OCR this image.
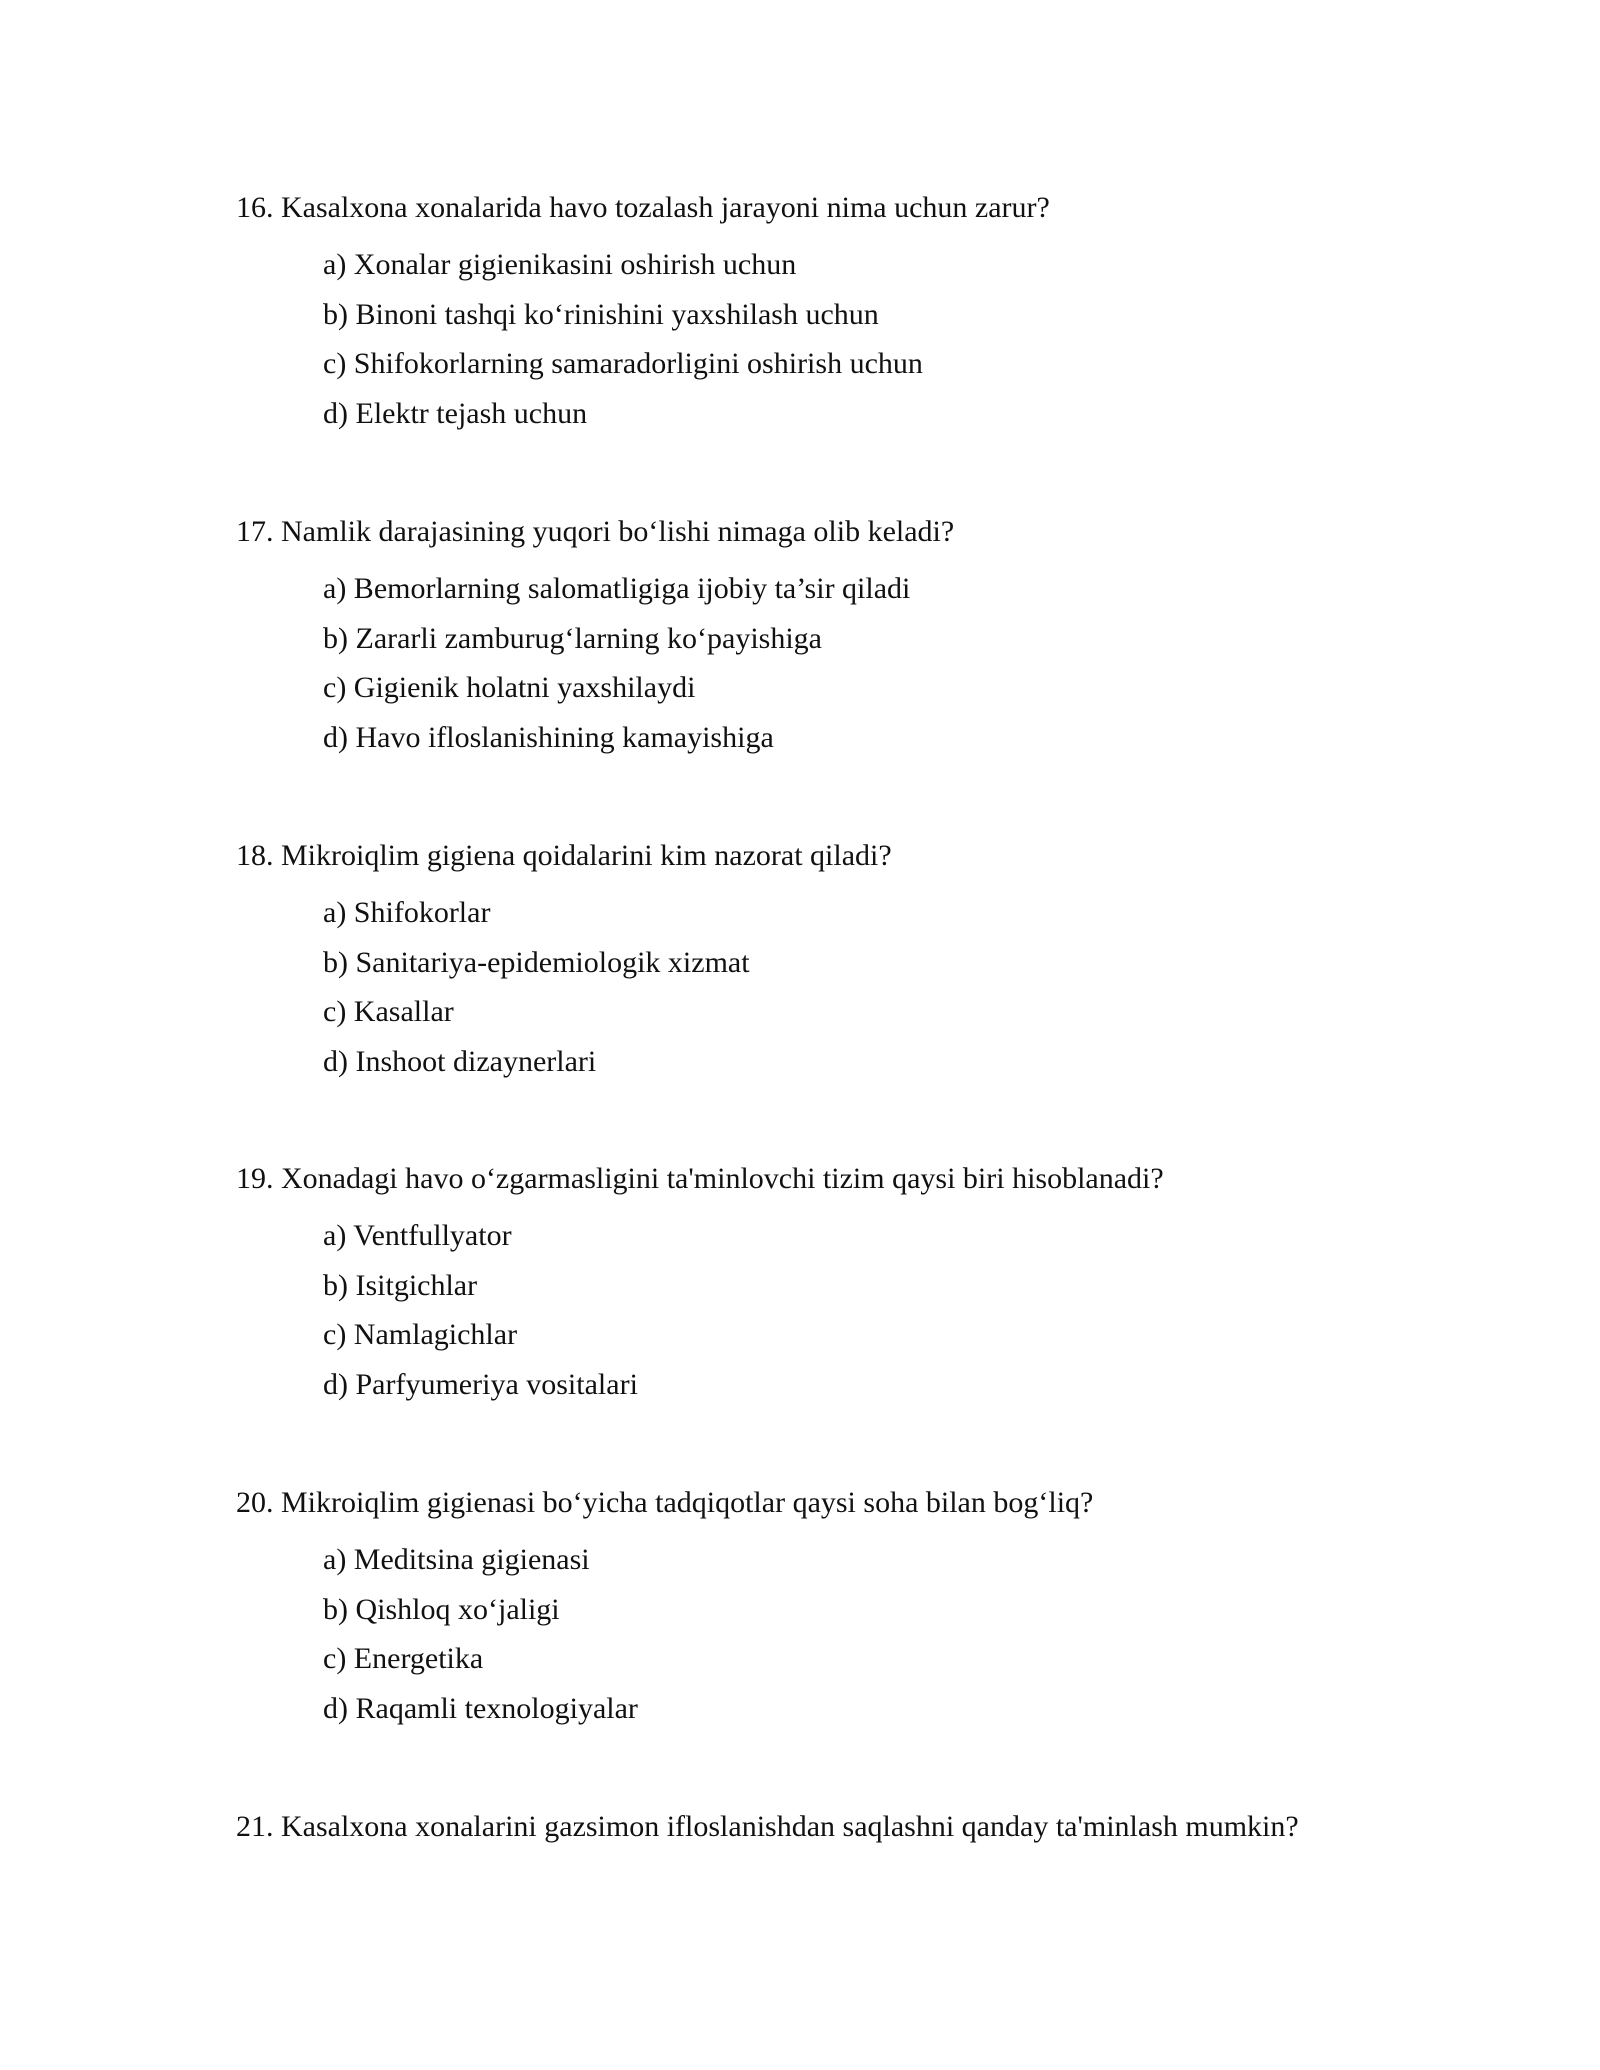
16. Kasalxona xonalarida havo tozalash jarayoni nima uchun zarur?

a) Xonalar gigienikasini oshirish uchun
b) Binoni tashqi ko‘rinishini yaxshilash uchun
c) Shifokorlarning samaradorligini oshirish uchun
d) Elektr tejash uchun

17. Namlik darajasining yuqori bo‘lishi nimaga olib keladi?

a) Bemorlarning salomatligiga ijobiy ta’sir qiladi
b) Zararli zamburug‘larning ko‘payishiga
c) Gigienik holatni yaxshilaydi
d) Havo ifloslanishining kamayishiga

18. Mikroiqlim gigiena qoidalarini kim nazorat qiladi?

a) Shifokorlar
b) Sanitariya-epidemiologik xizmat
c) Kasallar
d) Inshoot dizaynerlari

19. Xonadagi havo o‘zgarmasligini ta'minlovchi tizim qaysi biri hisoblanadi?

a) Ventfullyator
b) Isitgichlar
c) Namlagichlar
d) Parfyumeriya vositalari

20. Mikroiqlim gigienasi bo‘yicha tadqiqotlar qaysi soha bilan bog‘liq?

a) Meditsina gigienasi
b) Qishloq xo‘jaligi
c) Energetika
d) Raqamli texnologiyalar

21. Kasalxona xonalarini gazsimon ifloslanishdan saqlashni qanday ta'minlash mumkin?
